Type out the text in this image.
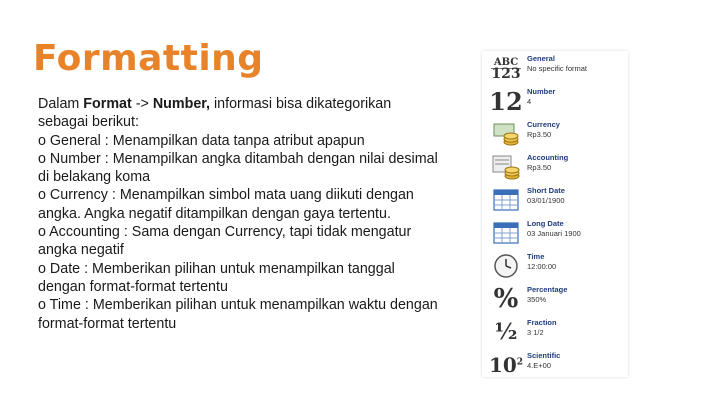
Formatting

Dalam Format -> Number, informasi bisa dikategorikan sebagai berikut:

o General : Menampilkan data tanpa atribut apapun

o Number : Menampilkan angka ditambah dengan nilai desimal di belakang koma

o Currency : Menampilkan simbol mata uang diikuti dengan angka. Angka negatif ditampilkan dengan gaya tertentu.

o Accounting : Sama dengan Currency, tapi tidak mengatur angka negatif

o Date : Memberikan pilihan untuk menampilkan tanggal dengan format-format tertentu

o Time : Memberikan pilihan untuk menampilkan waktu dengan format-format tertentu

ABC
123
General
No specific format
12 Number
4
Currency
Rp3.50
Accounting
Rp3.50
Short Date
03/01/1900
Long Date
03 Januari 1900
Time
12:00:00
% Percentage
350%
½ Fraction
3 1/2
$10^2$
Scientific
4.E+00
